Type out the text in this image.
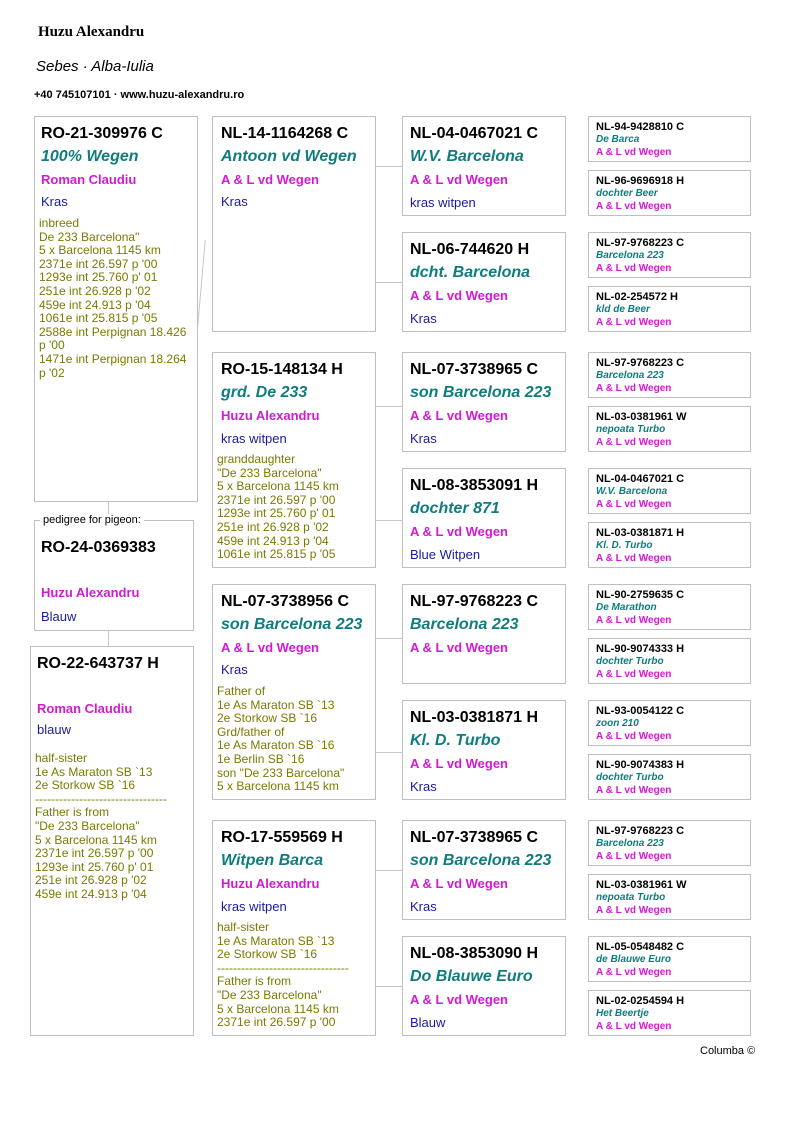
Huzu Alexandru
Sebes · Alba-Iulia
+40 745107101 · www.huzu-alexandru.ro
RO-21-309976 C
100% Wegen
Roman Claudiu
Kras
inbreed
De 233 Barcelona"
5 x Barcelona 1145 km
2371e int 26.597 p '00
1293e int 25.760 p' 01
251e int 26.928 p '02
459e int 24.913 p '04
1061e int 25.815 p '05
2588e int Perpignan 18.426 p '00
1471e int Perpignan 18.264 p '02
RO-24-0369383
Huzu Alexandru
Blauw
pedigree for pigeon:
RO-22-643737 H
Roman Claudiu
blauw
half-sister
1e As Maraton SB `13
2e Storkow SB `16
---------------------------------
Father is from
"De 233 Barcelona"
5 x Barcelona 1145 km
2371e int 26.597 p '00
1293e int 25.760 p' 01
251e int 26.928 p '02
459e int 24.913 p '04
NL-14-1164268 C
Antoon vd Wegen
A & L vd Wegen
Kras
RO-15-148134 H
grd. De 233
Huzu Alexandru
kras witpen
granddaughter
"De 233 Barcelona"
5 x Barcelona 1145 km
2371e int 26.597 p '00
1293e int 25.760 p' 01
251e int 26.928 p '02
459e int 24.913 p '04
1061e int 25.815 p '05
NL-07-3738956 C
son Barcelona 223
A & L vd Wegen
Kras
Father of
1e As Maraton SB `13
2e Storkow SB `16
Grd/father of
1e As Maraton SB `16
1e Berlin SB `16
son "De 233 Barcelona"
5 x Barcelona 1145 km
RO-17-559569 H
Witpen Barca
Huzu Alexandru
kras witpen
half-sister
1e As Maraton SB `13
2e Storkow SB `16
---------------------------------
Father is from
"De 233 Barcelona"
5 x Barcelona 1145 km
2371e int 26.597 p '00
NL-04-0467021 C
W.V. Barcelona
A & L vd Wegen
kras witpen
NL-06-744620 H
dcht. Barcelona
A & L vd Wegen
Kras
NL-07-3738965 C
son Barcelona 223
A & L vd Wegen
Kras
NL-08-3853091 H
dochter 871
A & L vd Wegen
Blue Witpen
NL-97-9768223 C
Barcelona 223
A & L vd Wegen
NL-03-0381871 H
Kl. D. Turbo
A & L vd Wegen
Kras
NL-07-3738965 C
son Barcelona 223
A & L vd Wegen
Kras
NL-08-3853090 H
Do Blauwe Euro
A & L vd Wegen
Blauw
NL-94-9428810 C
De Barca
A & L vd Wegen
NL-96-9696918 H
dochter Beer
A & L vd Wegen
NL-97-9768223 C
Barcelona 223
A & L vd Wegen
NL-02-254572 H
kld de Beer
A & L vd Wegen
NL-97-9768223 C
Barcelona 223
A & L vd Wegen
NL-03-0381961 W
nepoata Turbo
A & L vd Wegen
NL-04-0467021 C
W.V. Barcelona
A & L vd Wegen
NL-03-0381871 H
Kl. D. Turbo
A & L vd Wegen
NL-90-2759635 C
De Marathon
A & L vd Wegen
NL-90-9074333 H
dochter Turbo
A & L vd Wegen
NL-93-0054122 C
zoon 210
A & L vd Wegen
NL-90-9074383 H
dochter Turbo
A & L vd Wegen
NL-97-9768223 C
Barcelona 223
A & L vd Wegen
NL-03-0381961 W
nepoata Turbo
A & L vd Wegen
NL-05-0548482 C
de Blauwe Euro
A & L vd Wegen
NL-02-0254594 H
Het Beertje
A & L vd Wegen
Columba ©
